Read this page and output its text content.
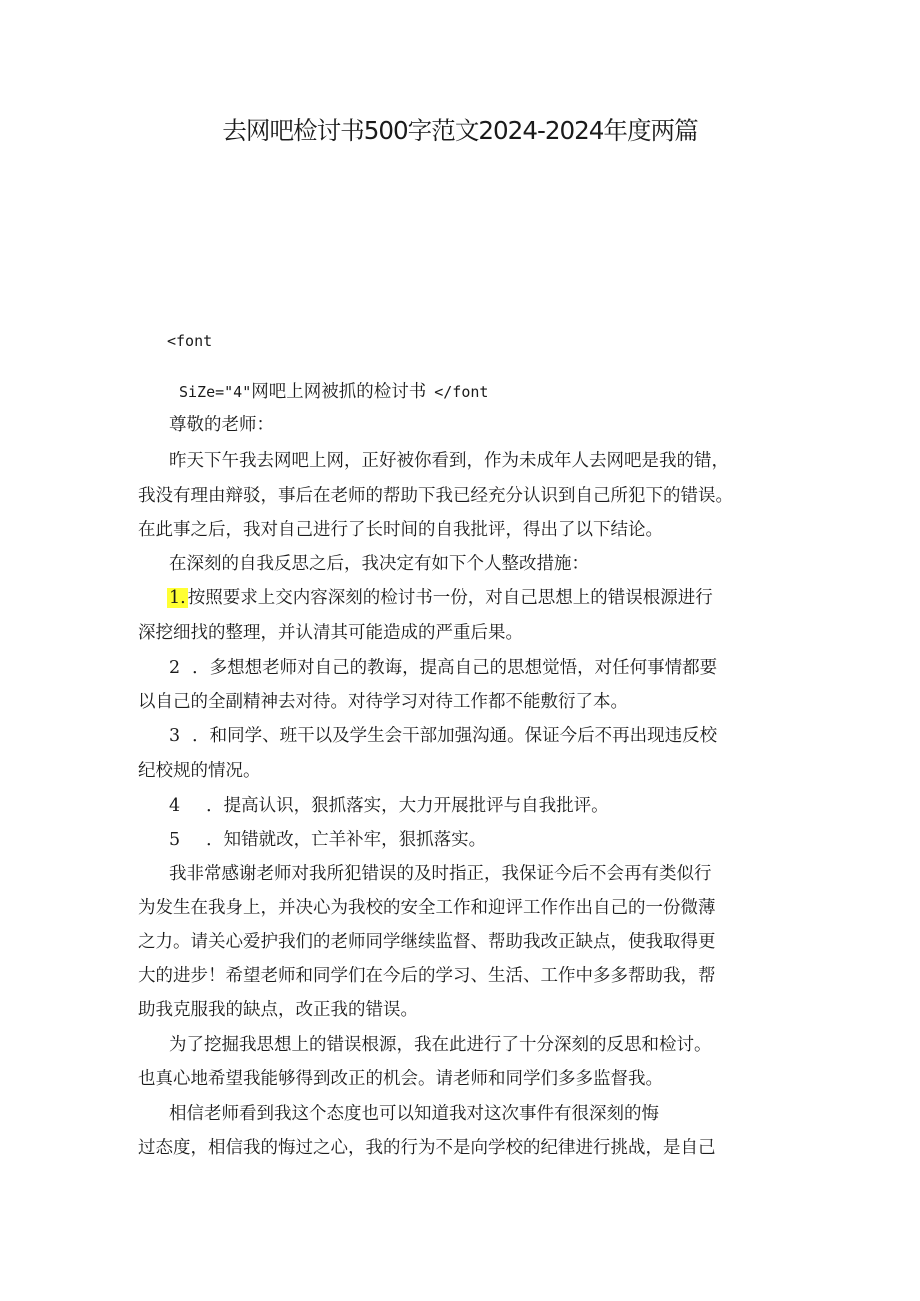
去网吧检讨书500字范文2024-2024年度两篇
<font
SiZe="4"网吧上网被抓的检讨书 </font
尊敬的老师：
昨天下午我去网吧上网，正好被你看到，作为未成年人去网吧是我的错，
我没有理由辩驳，事后在老师的帮助下我已经充分认识到自己所犯下的错误。
在此事之后，我对自己进行了长时间的自我批评，得出了以下结论。
在深刻的自我反思之后，我决定有如下个人整改措施：
1. 按照要求上交内容深刻的检讨书一份，对自己思想上的错误根源进行
深挖细找的整理，并认清其可能造成的严重后果。
2 ．多想想老师对自己的教诲，提高自己的思想觉悟，对任何事情都要
以自己的全副精神去对待。对待学习对待工作都不能敷衍了本。
3 ．和同学、班干以及学生会干部加强沟通。保证今后不再出现违反校
纪校规的情况。
4 ．提高认识，狠抓落实，大力开展批评与自我批评。
5 ．知错就改，亡羊补牢，狠抓落实。
我非常感谢老师对我所犯错误的及时指正，我保证今后不会再有类似行
为发生在我身上，并决心为我校的安全工作和迎评工作作出自己的一份微薄
之力。请关心爱护我们的老师同学继续监督、帮助我改正缺点，使我取得更
大的进步！希望老师和同学们在今后的学习、生活、工作中多多帮助我，帮
助我克服我的缺点，改正我的错误。
为了挖掘我思想上的错误根源，我在此进行了十分深刻的反思和检讨。
也真心地希望我能够得到改正的机会。请老师和同学们多多监督我。
相信老师看到我这个态度也可以知道我对这次事件有很深刻的悔
过态度，相信我的悔过之心，我的行为不是向学校的纪律进行挑战，是自己
